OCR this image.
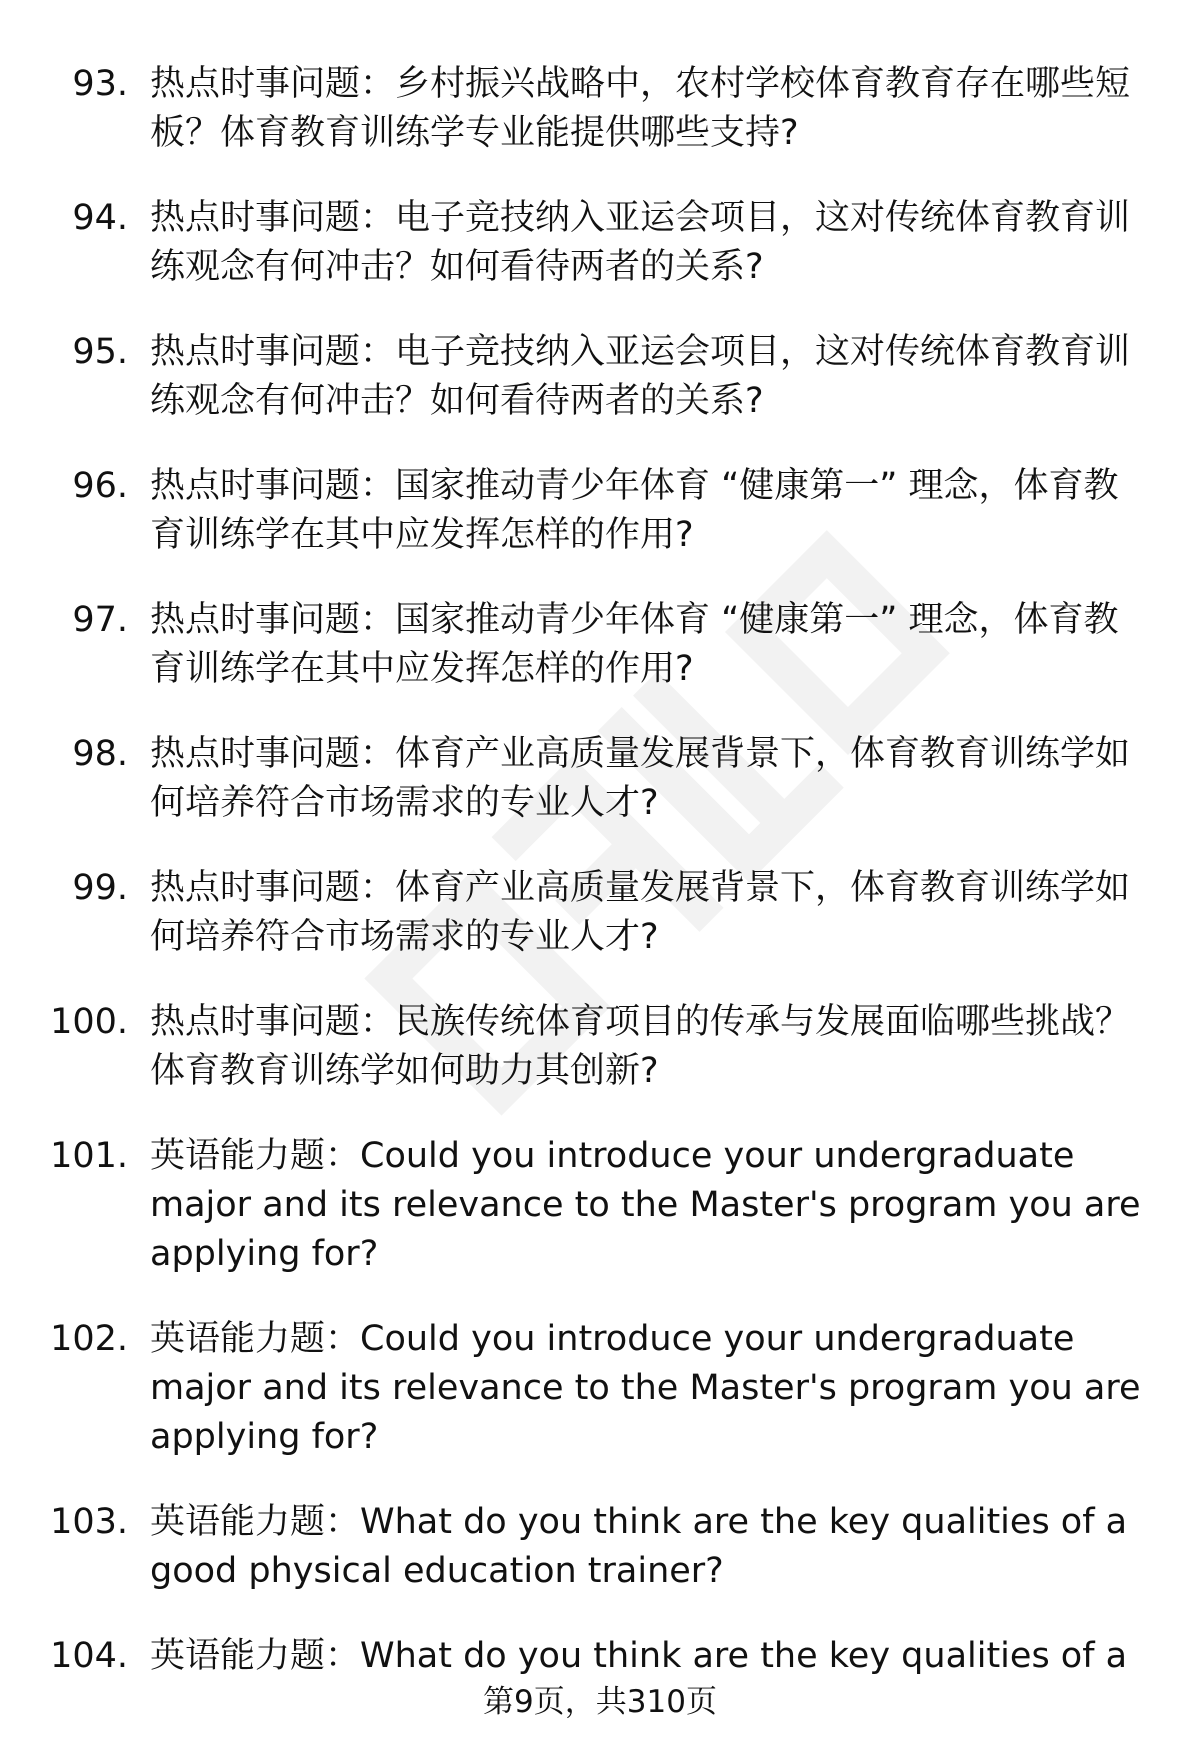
93. 热点时事问题：乡村振兴战略中，农村学校体育教育存在哪些短板？体育教育训练学专业能提供哪些支持?
94. 热点时事问题：电子竞技纳入亚运会项目，这对传统体育教育训练观念有何冲击？如何看待两者的关系?
95. 热点时事问题：电子竞技纳入亚运会项目，这对传统体育教育训练观念有何冲击？如何看待两者的关系?
96. 热点时事问题：国家推动青少年体育 “健康第一” 理念，体育教育训练学在其中应发挥怎样的作用?
97. 热点时事问题：国家推动青少年体育 “健康第一” 理念，体育教育训练学在其中应发挥怎样的作用?
98. 热点时事问题：体育产业高质量发展背景下，体育教育训练学如何培养符合市场需求的专业人才?
99. 热点时事问题：体育产业高质量发展背景下，体育教育训练学如何培养符合市场需求的专业人才?
100. 热点时事问题：民族传统体育项目的传承与发展面临哪些挑战？体育教育训练学如何助力其创新?
101. 英语能力题：Could you introduce your undergraduate major and its relevance to the Master's program you are applying for?
102. 英语能力题：Could you introduce your undergraduate major and its relevance to the Master's program you are applying for?
103. 英语能力题：What do you think are the key qualities of a good physical education trainer?
104. 英语能力题：What do you think are the key qualities of a
第9页，共310页
